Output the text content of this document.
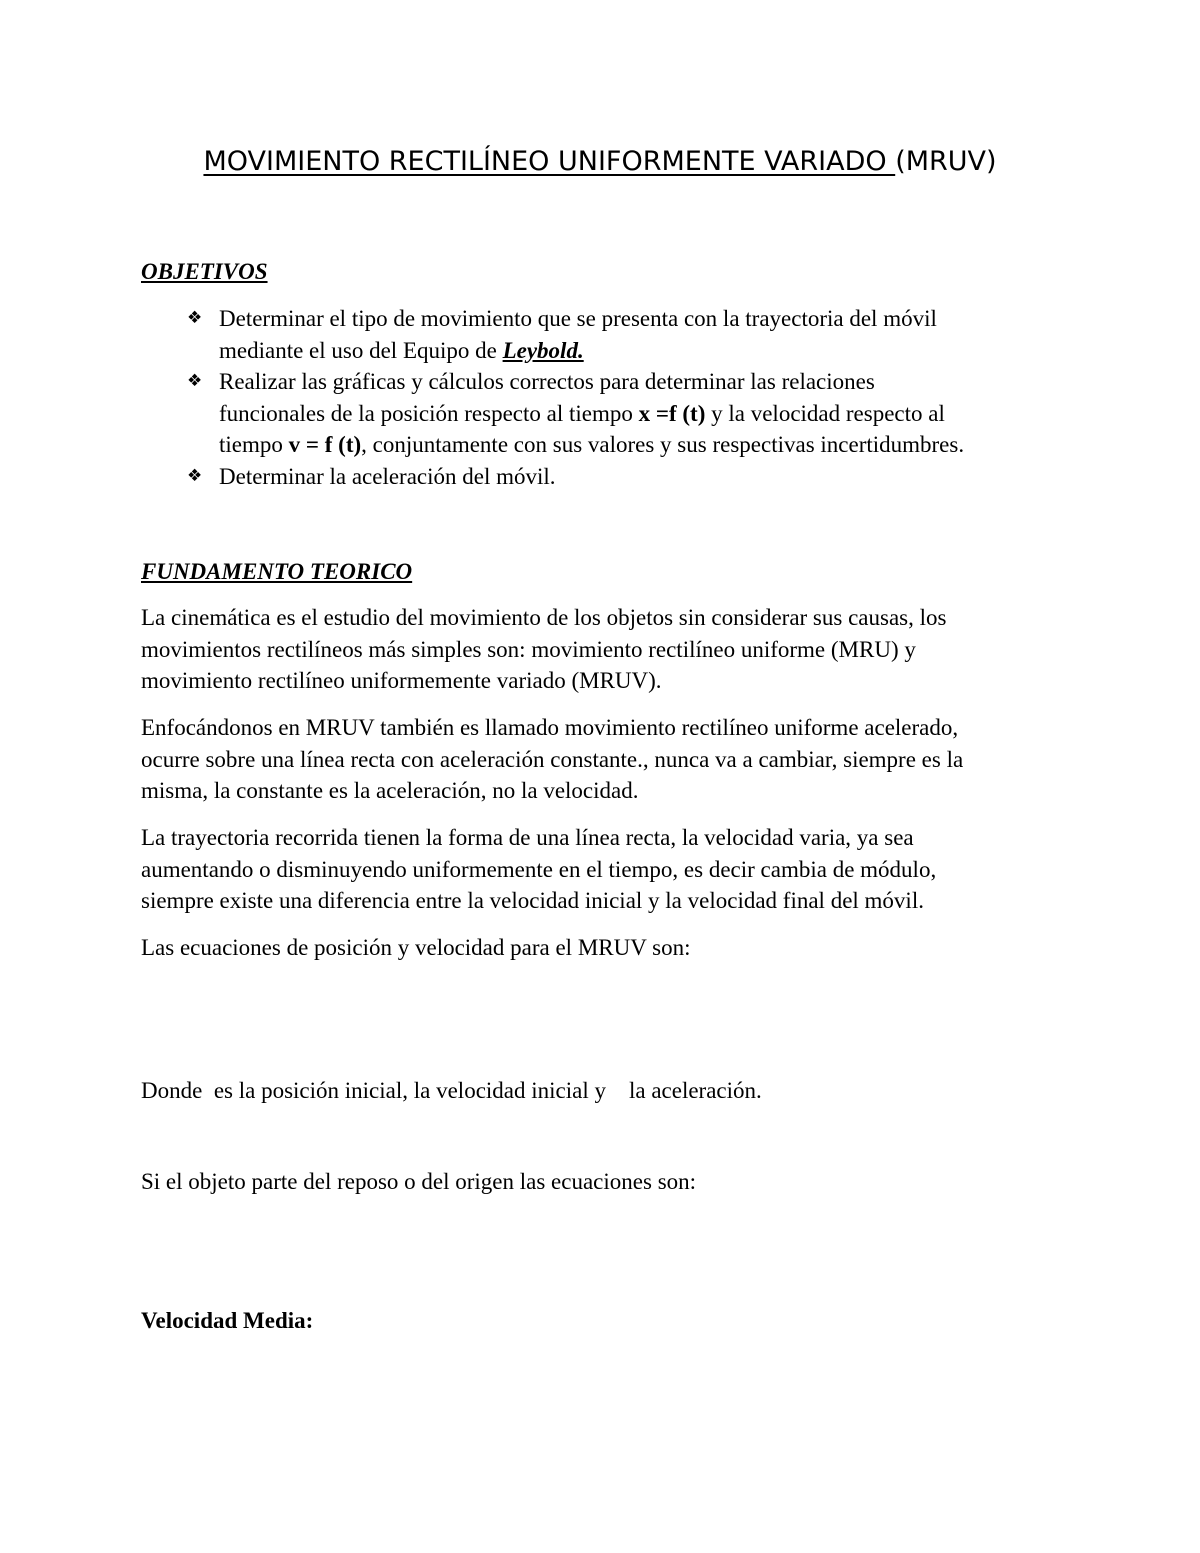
MOVIMIENTO RECTILÍNEO UNIFORMENTE VARIADO (MRUV)
OBJETIVOS
❖ Determinar el tipo de movimiento que se presenta con la trayectoria del móvil
mediante el uso del Equipo de Leybold.
❖ Realizar las gráficas y cálculos correctos para determinar las relaciones
funcionales de la posición respecto al tiempo x =f (t) y la velocidad respecto al
tiempo v = f (t), conjuntamente con sus valores y sus respectivas incertidumbres.
❖ Determinar la aceleración del móvil.
FUNDAMENTO TEORICO

La cinemática es el estudio del movimiento de los objetos sin considerar sus causas, los
movimientos rectilíneos más simples son: movimiento rectilíneo uniforme (MRU) y
movimiento rectilíneo uniformemente variado (MRUV).

Enfocándonos en MRUV también es llamado movimiento rectilíneo uniforme acelerado,
ocurre sobre una línea recta con aceleración constante., nunca va a cambiar, siempre es la
misma, la constante es la aceleración, no la velocidad.

La trayectoria recorrida tienen la forma de una línea recta, la velocidad varia, ya sea
aumentando o disminuyendo uniformemente en el tiempo, es decir cambia de módulo,
siempre existe una diferencia entre la velocidad inicial y la velocidad final del móvil.

Las ecuaciones de posición y velocidad para el MRUV son:

Donde  es la posición inicial, la velocidad inicial y    la aceleración.

Si el objeto parte del reposo o del origen las ecuaciones son:

Velocidad Media:
